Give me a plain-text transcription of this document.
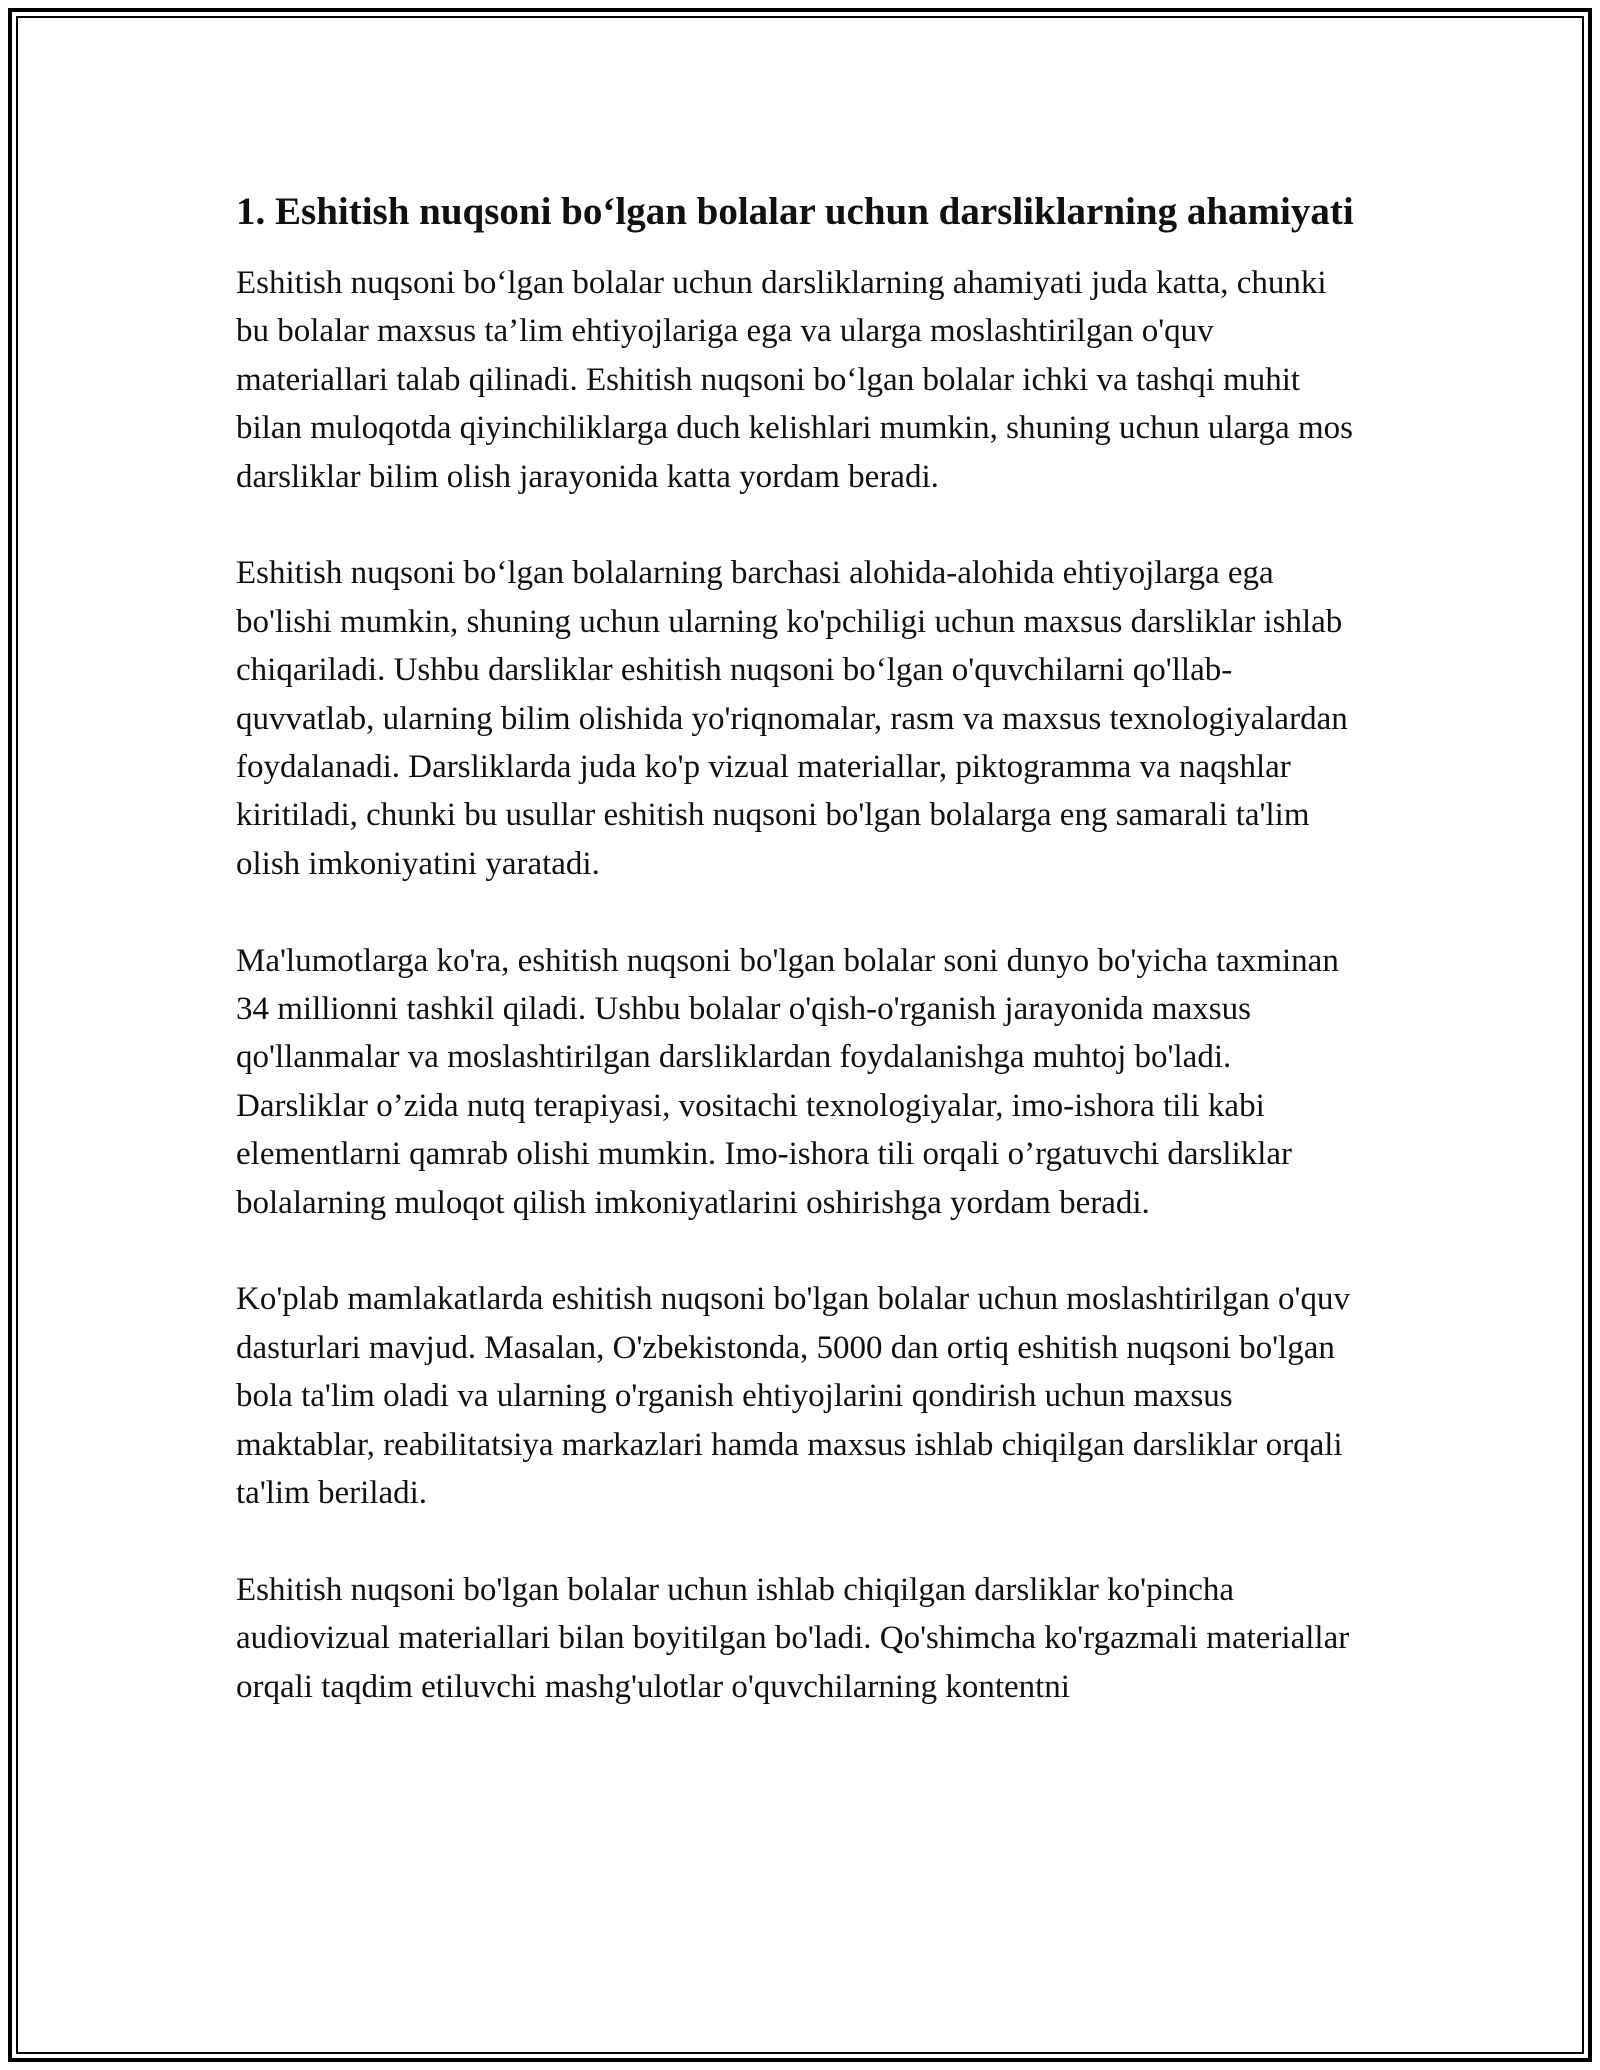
1. Eshitish nuqsoni bo‘lgan bolalar uchun darsliklarning ahamiyati

Eshitish nuqsoni bo‘lgan bolalar uchun darsliklarning ahamiyati juda katta, chunki bu bolalar maxsus ta’lim ehtiyojlariga ega va ularga moslashtirilgan o'quv materiallari talab qilinadi. Eshitish nuqsoni bo‘lgan bolalar ichki va tashqi muhit bilan muloqotda qiyinchiliklarga duch kelishlari mumkin, shuning uchun ularga mos darsliklar bilim olish jarayonida katta yordam beradi.

Eshitish nuqsoni bo‘lgan bolalarning barchasi alohida-alohida ehtiyojlarga ega bo'lishi mumkin, shuning uchun ularning ko'pchiligi uchun maxsus darsliklar ishlab chiqariladi. Ushbu darsliklar eshitish nuqsoni bo‘lgan o'quvchilarni qo'llab-quvvatlab, ularning bilim olishida yo'riqnomalar, rasm va maxsus texnologiyalardan foydalanadi. Darsliklarda juda ko'p vizual materiallar, piktogramma va naqshlar kiritiladi, chunki bu usullar eshitish nuqsoni bo'lgan bolalarga eng samarali ta'lim olish imkoniyatini yaratadi.

Ma'lumotlarga ko'ra, eshitish nuqsoni bo'lgan bolalar soni dunyo bo'yicha taxminan 34 millionni tashkil qiladi. Ushbu bolalar o'qish-o'rganish jarayonida maxsus qo'llanmalar va moslashtirilgan darsliklardan foydalanishga muhtoj bo'ladi. Darsliklar o’zida nutq terapiyasi, vositachi texnologiyalar, imo-ishora tili kabi elementlarni qamrab olishi mumkin. Imo-ishora tili orqali o’rgatuvchi darsliklar bolalarning muloqot qilish imkoniyatlarini oshirishga yordam beradi.

Ko'plab mamlakatlarda eshitish nuqsoni bo'lgan bolalar uchun moslashtirilgan o'quv dasturlari mavjud. Masalan, O'zbekistonda, 5000 dan ortiq eshitish nuqsoni bo'lgan bola ta'lim oladi va ularning o'rganish ehtiyojlarini qondirish uchun maxsus maktablar, reabilitatsiya markazlari hamda maxsus ishlab chiqilgan darsliklar orqali ta'lim beriladi.

Eshitish nuqsoni bo'lgan bolalar uchun ishlab chiqilgan darsliklar ko'pincha audiovizual materiallari bilan boyitilgan bo'ladi. Qo'shimcha ko'rgazmali materiallar orqali taqdim etiluvchi mashg'ulotlar o'quvchilarning kontentni
